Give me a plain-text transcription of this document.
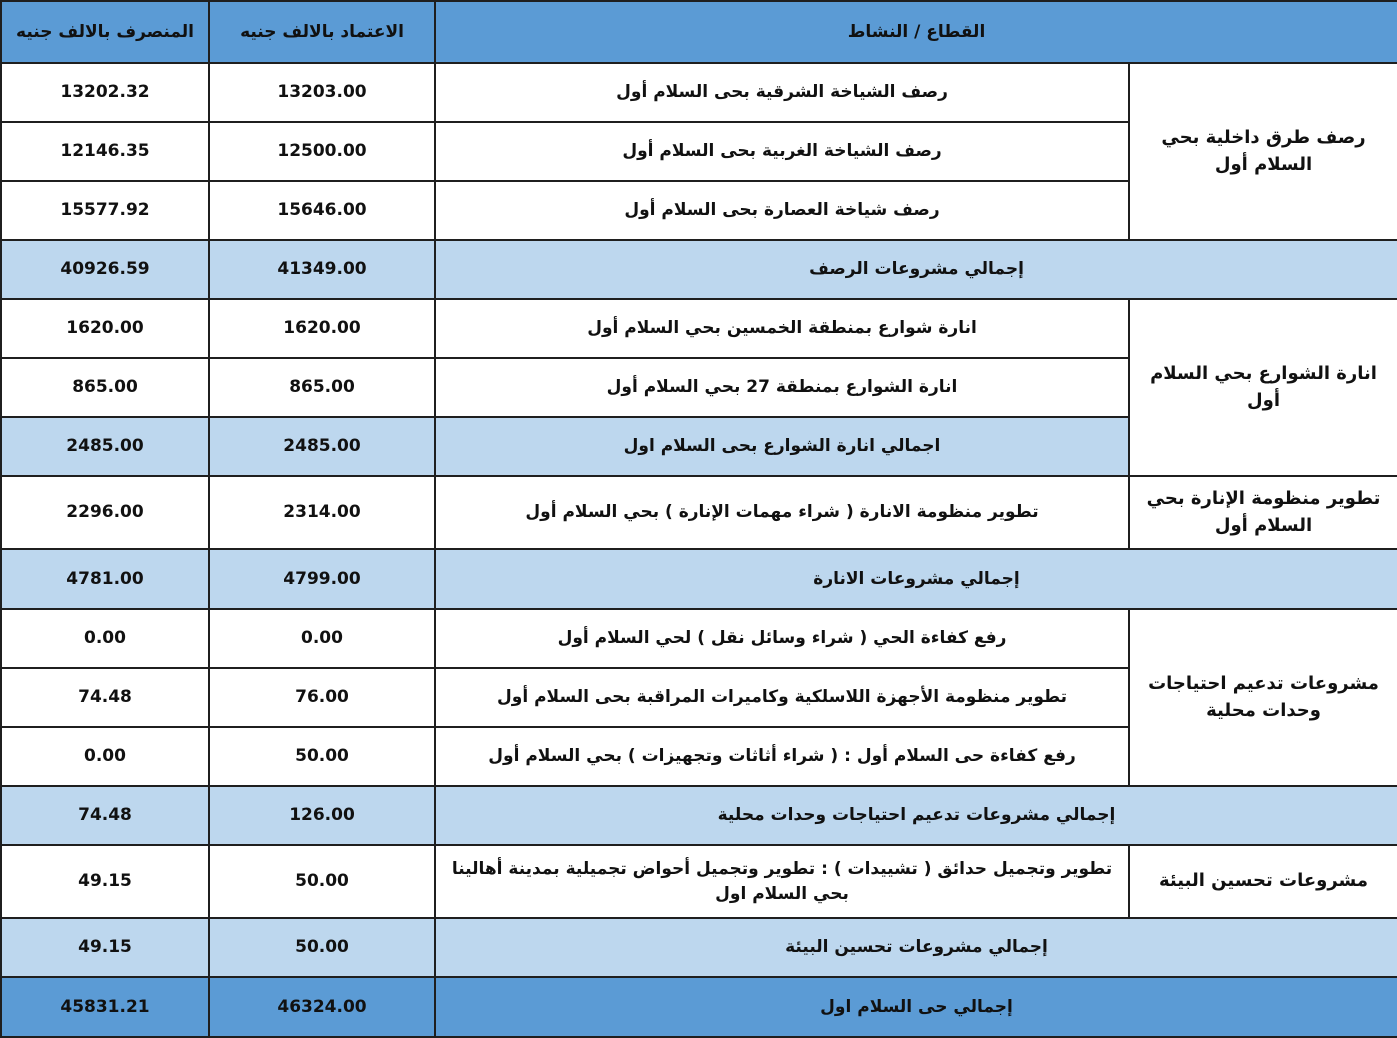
القطاع / النشاط		الاعتماد بالالف جنيه	المنصرف بالالف جنيه
رصف طرق داخلية بحي السلام أول	رصف الشياخة الشرقية بحى السلام أول	13203.00	13202.32
	رصف الشياخة الغربية بحى السلام أول	12500.00	12146.35
	رصف شياخة العصارة بحى السلام أول	15646.00	15577.92
إجمالي مشروعات الرصف		41349.00	40926.59
انارة الشوارع بحي السلام أول	انارة شوارع بمنطقة الخمسين بحي السلام أول	1620.00	1620.00
	انارة الشوارع بمنطقة 27 بحي السلام أول	865.00	865.00
	اجمالي انارة الشوارع بحى السلام اول	2485.00	2485.00
تطوير منظومة الإنارة بحي السلام أول	تطوير منظومة الانارة ( شراء مهمات الإنارة ) بحي السلام أول	2314.00	2296.00
إجمالي مشروعات الانارة		4799.00	4781.00
مشروعات تدعيم احتياجات وحدات محلية	رفع كفاءة الحي ( شراء وسائل نقل ) لحي السلام أول	0.00	0.00
	تطوير منظومة الأجهزة اللاسلكية وكاميرات المراقبة بحى السلام أول	76.00	74.48
	رفع كفاءة حى السلام أول : ( شراء أثاثات وتجهيزات ) بحي السلام أول	50.00	0.00
إجمالي مشروعات تدعيم احتياجات وحدات محلية		126.00	74.48
مشروعات تحسين البيئة	تطوير وتجميل حدائق ( تشييدات ) : تطوير وتجميل أحواض تجميلية بمدينة أهالينا بحي السلام اول	50.00	49.15
إجمالي مشروعات تحسين البيئة		50.00	49.15
إجمالي حى السلام اول		46324.00	45831.21
